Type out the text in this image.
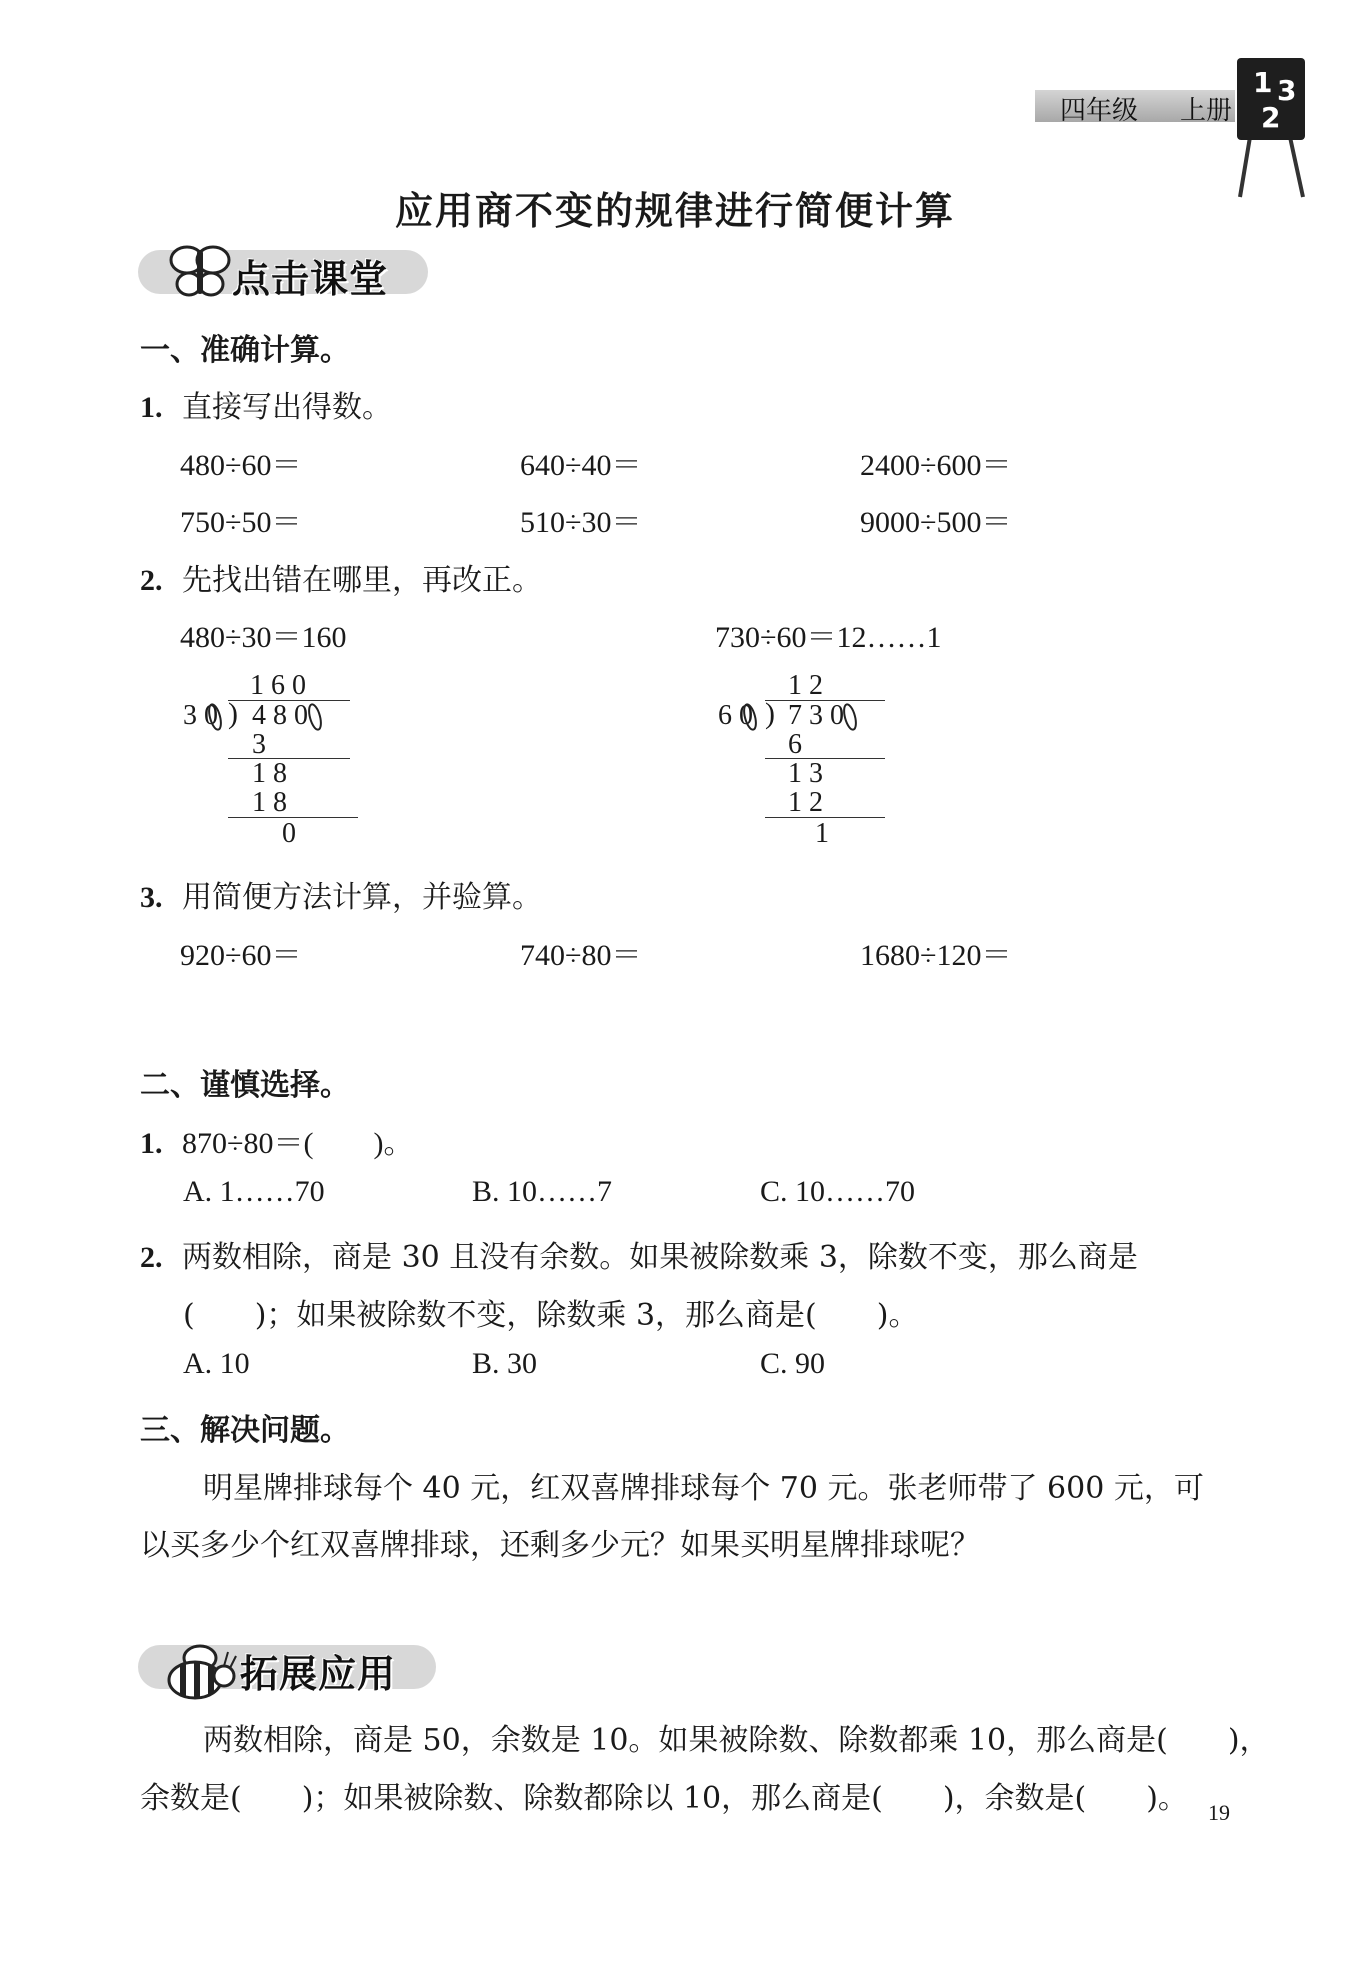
四年级 上册
1 3
2
应用商不变的规律进行简便计算
点击课堂
一、准确计算。
1. 直接写出得数。
480÷60＝	640÷40＝	2400÷600＝
750÷50＝	510÷30＝	9000÷500＝
2. 先找出错在哪里，再改正。
480÷30＝160
1 6 0
3 0 ) 4 8 0
3
1 8
1 8
0
730÷60＝12……1
1 2
6 0 ) 7 3 0
6
1 3
1 2
1
3. 用简便方法计算，并验算。
920÷60＝	740÷80＝	1680÷120＝
二、谨慎选择。
1. 870÷80＝(　　)。
A. 1……70	B. 10……7	C. 10……70
2. 两数相除，商是 30 且没有余数。如果被除数乘 3，除数不变，那么商是
(　　)；如果被除数不变，除数乘 3，那么商是(　　)。
A. 10	B. 30	C. 90
三、解决问题。
明星牌排球每个 40 元，红双喜牌排球每个 70 元。张老师带了 600 元，可
以买多少个红双喜牌排球，还剩多少元？如果买明星牌排球呢？
拓展应用
两数相除，商是 50，余数是 10。如果被除数、除数都乘 10，那么商是(　　)，
余数是(　　)；如果被除数、除数都除以 10，那么商是(　　)，余数是(　　)。 19
